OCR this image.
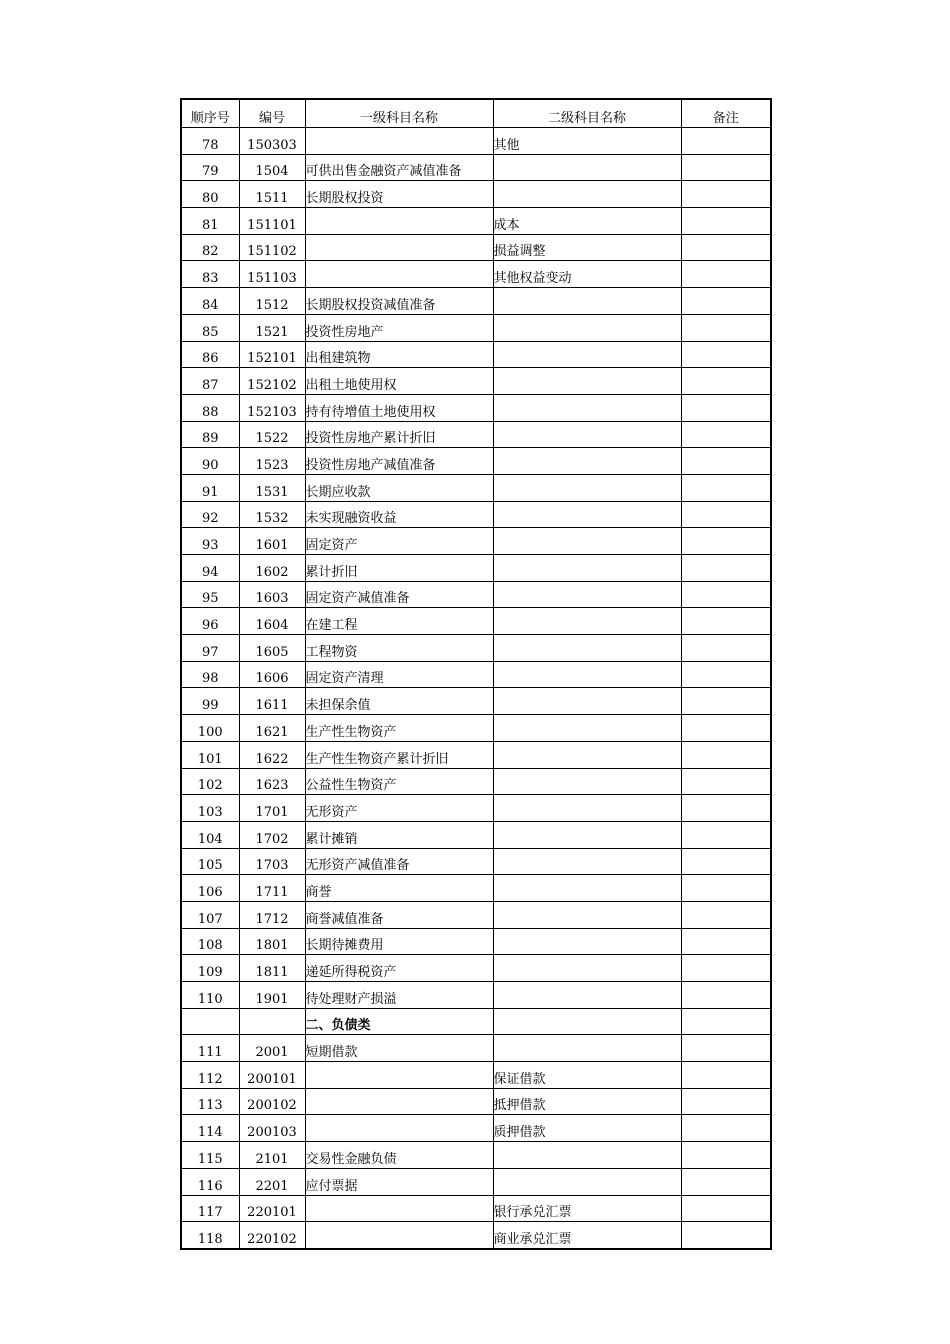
顺序号	编号	一级科目名称	二级科目名称	备注
78	150303		其他	
79	1504	可供出售金融资产减值准备		
80	1511	长期股权投资		
81	151101		成本	
82	151102		损益调整	
83	151103		其他权益变动	
84	1512	长期股权投资减值准备		
85	1521	投资性房地产		
86	152101	出租建筑物		
87	152102	出租土地使用权		
88	152103	持有待增值土地使用权		
89	1522	投资性房地产累计折旧		
90	1523	投资性房地产减值准备		
91	1531	长期应收款		
92	1532	未实现融资收益		
93	1601	固定资产		
94	1602	累计折旧		
95	1603	固定资产减值准备		
96	1604	在建工程		
97	1605	工程物资		
98	1606	固定资产清理		
99	1611	未担保余值		
100	1621	生产性生物资产		
101	1622	生产性生物资产累计折旧		
102	1623	公益性生物资产		
103	1701	无形资产		
104	1702	累计摊销		
105	1703	无形资产减值准备		
106	1711	商誉		
107	1712	商誉减值准备		
108	1801	长期待摊费用		
109	1811	递延所得税资产		
110	1901	待处理财产损溢		
		二、负债类		
111	2001	短期借款		
112	200101		保证借款	
113	200102		抵押借款	
114	200103		质押借款	
115	2101	交易性金融负债		
116	2201	应付票据		
117	220101		银行承兑汇票	
118	220102		商业承兑汇票	
